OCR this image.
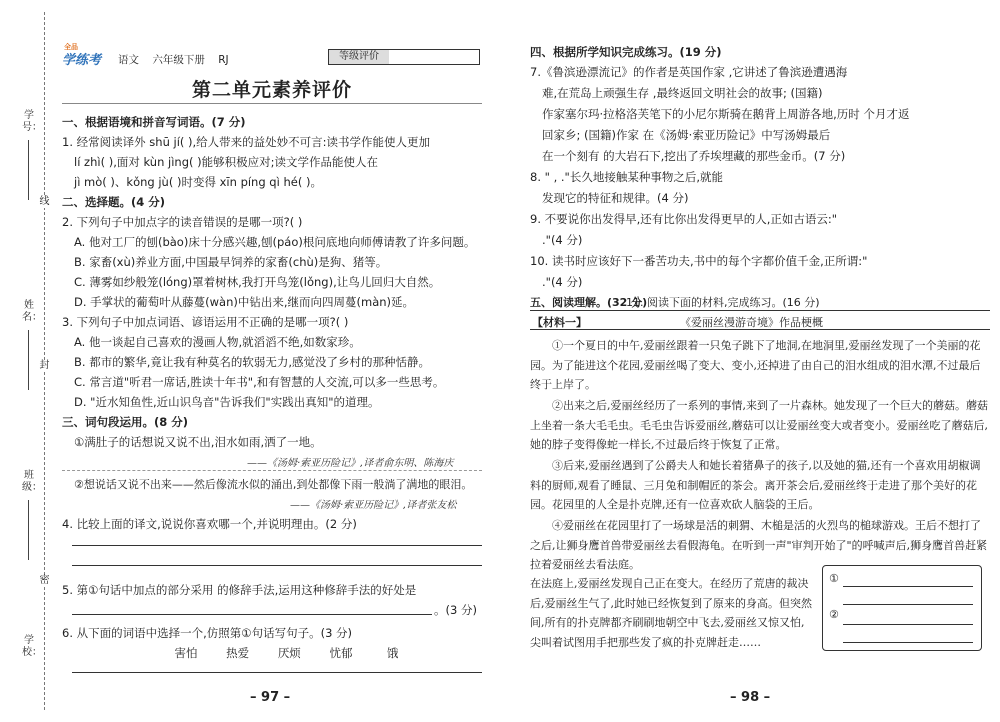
学号：
姓名：
班级：
学校：
线
封
密
全品
学练考 语文 六年级下册 RJ	等级评价
第二单元素养评价
一、根据语境和拼音写词语。(7 分)
1. 经常阅读译外 shū jí( ),给人带来的益处妙不可言:读书学作能使人更加
lí zhì( ),面对 kùn jìng( )能够积极应对;读文学作品能使人在
jì mò( )、kǒng jù( )时变得 xīn píng qì hé( )。
二、选择题。(4 分)
2. 下列句子中加点字的读音错误的是哪一项?( )
A. 他对工厂的刨(bào)床十分感兴趣,刨(páo)根问底地向师傅请教了许多问题。
B. 家畜(xù)养业方面,中国最早饲养的家畜(chù)是狗、猪等。
C. 薄雾如纱般笼(lóng)罩着树林,我打开鸟笼(lǒng),让鸟儿回归大自然。
D. 手掌状的葡萄叶从藤蔓(wàn)中钻出来,继而向四周蔓(màn)延。
3. 下列句子中加点词语、谚语运用不正确的是哪一项?( )
A. 他一谈起自己喜欢的漫画人物,就滔滔不绝,如数家珍。
B. 都市的繁华,竟让我有种莫名的软弱无力,感觉没了乡村的那种恬静。
C. 常言道"听君一席话,胜读十年书",和有智慧的人交流,可以多一些思考。
D. "近水知鱼性,近山识鸟音"告诉我们"实践出真知"的道理。
三、词句段运用。(8 分)
①满肚子的话想说又说不出,泪水如雨,洒了一地。
——《汤姆·索亚历险记》,译者俞东明、陈海庆
②想说话又说不出来——然后像流水似的涌出,到处都像下雨一般淌了满地的眼泪。
——《汤姆·索亚历险记》,译者张友松
4. 比较上面的译文,说说你喜欢哪一个,并说明理由。(2 分)
5. 第①句话中加点的部分采用 的修辞手法,运用这种修辞手法的好处是
。(3 分)
6. 从下面的词语中选择一个,仿照第①句话写句子。(3 分)
害怕 热爱 厌烦 忧郁	饿
– 97 –
四、根据所学知识完成练习。(19 分)
7.《鲁滨逊漂流记》的作者是英国作家 ,它讲述了鲁滨逊遭遇海
难,在荒岛上顽强生存 ,最终返回文明社会的故事; (国籍)
作家塞尔玛·拉格洛芙笔下的小尼尔斯骑在鹅背上周游各地,历时 个月才返
回家乡; (国籍)作家 在《汤姆·索亚历险记》中写汤姆最后
在一个刻有 的大岩石下,挖出了乔埃埋藏的那些金币。(7 分)
8. " , ."长久地接触某种事物之后,就能
发现它的特征和规律。(4 分)
9. 不要说你出发得早,还有比你出发得更早的人,正如古语云:"
."(4 分)
10. 读书时应该好下一番苦功夫,书中的每个字都价值千金,正所谓:"
."(4 分)
五、阅读理解。(32 分)
【材料一】	《爱丽丝漫游奇境》作品梗概
11. 阅读下面的材料,完成练习。(16 分)
①一个夏日的中午,爱丽丝跟着一只兔子跳下了地洞,在地洞里,爱丽丝发现了一个美丽的花园。为了能进这个花园,爱丽丝喝了变大、变小,还掉进了由自己的泪水组成的泪水潭,不过最后终于上岸了。
②出来之后,爱丽丝经历了一系列的事情,来到了一片森林。她发现了一个巨大的蘑菇。蘑菇上坐着一条大毛毛虫。毛毛虫告诉爱丽丝,蘑菇可以让爱丽丝变大或者变小。爱丽丝吃了蘑菇后,她的脖子变得像蛇一样长,不过最后终于恢复了正常。
③后来,爱丽丝遇到了公爵夫人和她长着猪鼻子的孩子,以及她的猫,还有一个喜欢用胡椒调料的厨师,观看了睡鼠、三月兔和制帽匠的茶会。离开茶会后,爱丽丝终于走进了那个美好的花园。花园里的人全是扑克牌,还有一位喜欢砍人脑袋的王后。
④爱丽丝在花园里打了一场球是活的刺猬、木槌是活的火烈鸟的槌球游戏。王后不想打了之后,让狮身鹰首兽带爱丽丝去看假海龟。在听到一声"审判开始了"的呼喊声后,狮身鹰首兽赶紧拉着爱丽丝去看法庭。
在法庭上,爱丽丝发现自己正在变大。在经历了荒唐的裁决后,爱丽丝生气了,此时她已经恢复到了原来的身高。但突然间,所有的扑克牌都齐刷刷地朝空中飞去,爱丽丝又惊又怕,尖叫着试图用手把那些发了疯的扑克牌赶走……
①
②
– 98 –
